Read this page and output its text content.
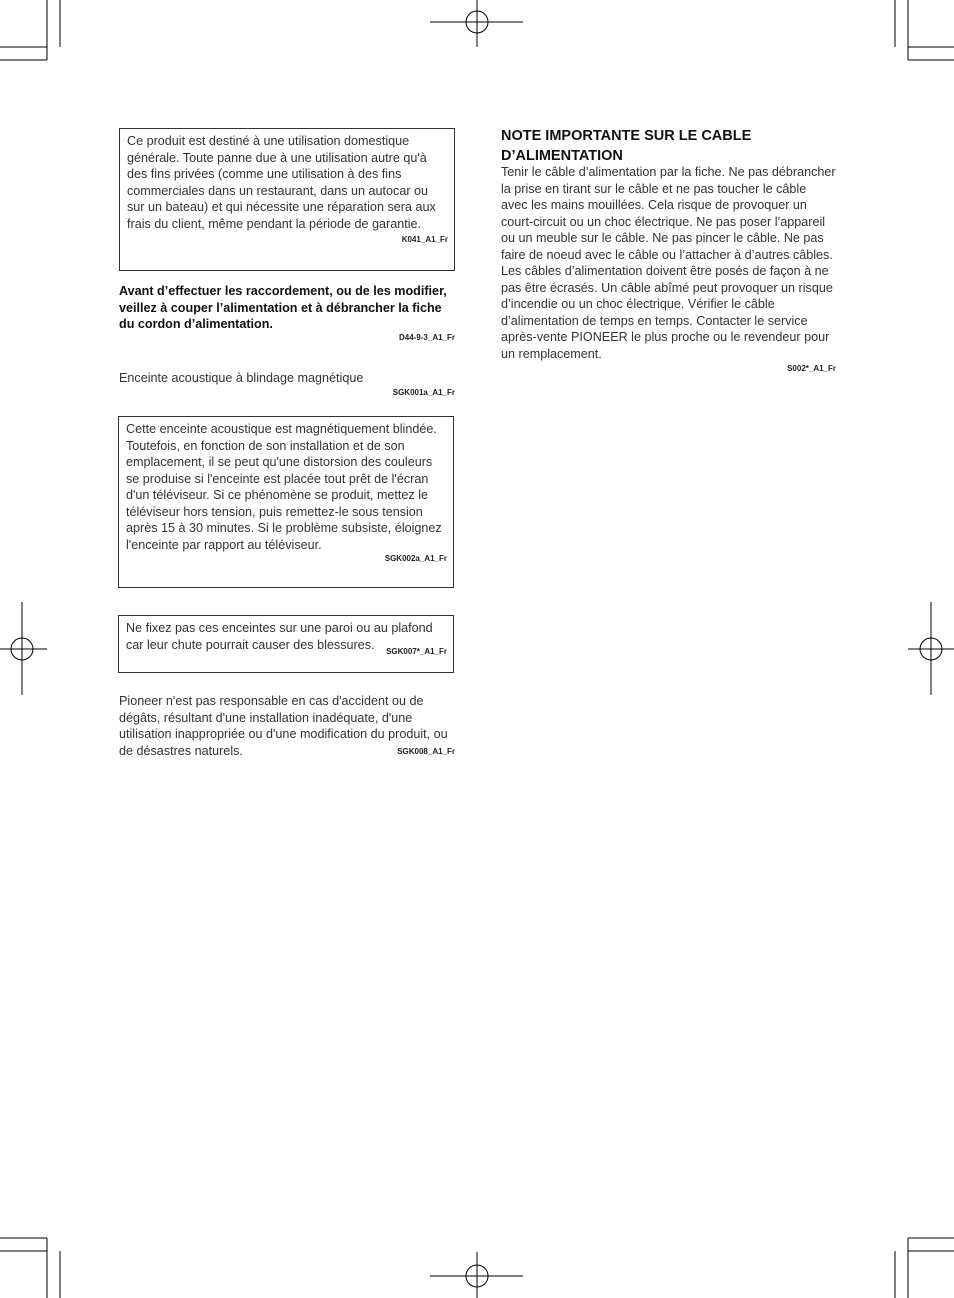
Ce produit est destiné à une utilisation domestique générale. Toute panne due à une utilisation autre qu'à des fins privées (comme une utilisation à des fins commerciales dans un restaurant, dans un autocar ou sur un bateau) et qui nécessite une réparation sera aux frais du client, même pendant la période de garantie.

K041_A1_Fr

Avant d’effectuer les raccordement, ou de les modifier, veillez à couper l’alimentation et à débrancher la fiche du cordon d’alimentation.

D44-9-3_A1_Fr

Enceinte acoustique à blindage magnétique

SGK001a_A1_Fr

Cette enceinte acoustique est magnétiquement blindée. Toutefois, en fonction de son installation et de son emplacement, il se peut qu'une distorsion des couleurs se produise si l'enceinte est placée tout prêt de l'écran d'un téléviseur. Si ce phénomène se produit, mettez le téléviseur hors tension, puis remettez-le sous tension après 15 à 30 minutes. Si le problème subsiste, éloignez l'enceinte par rapport au téléviseur.

SGK002a_A1_Fr

Ne fixez pas ces enceintes sur une paroi ou au plafond car leur chute pourrait causer des blessures.	SGK007*_A1_Fr

Pioneer n'est pas responsable en cas d'accident ou de dégâts, résultant d'une installation inadéquate, d'une utilisation inappropriée ou d'une modification du produit, ou de désastres naturels.	SGK008_A1_Fr
NOTE IMPORTANTE SUR LE CABLE D’ALIMENTATION

Tenir le câble d’alimentation par la fiche. Ne pas débrancher la prise en tirant sur le câble et ne pas toucher le câble avec les mains mouillées. Cela risque de provoquer un court-circuit ou un choc électrique. Ne pas poser l’appareil ou un meuble sur le câble. Ne pas pincer le câble. Ne pas faire de noeud avec le câble ou l’attacher à d’autres câbles. Les câbles d’alimentation doivent être posés de façon à ne pas être écrasés. Un câble abîmé peut provoquer un risque d’incendie ou un choc électrique. Vérifier le câble d’alimentation de temps en temps. Contacter le service après-vente PIONEER le plus proche ou le revendeur pour un remplacement.

S002*_A1_Fr
